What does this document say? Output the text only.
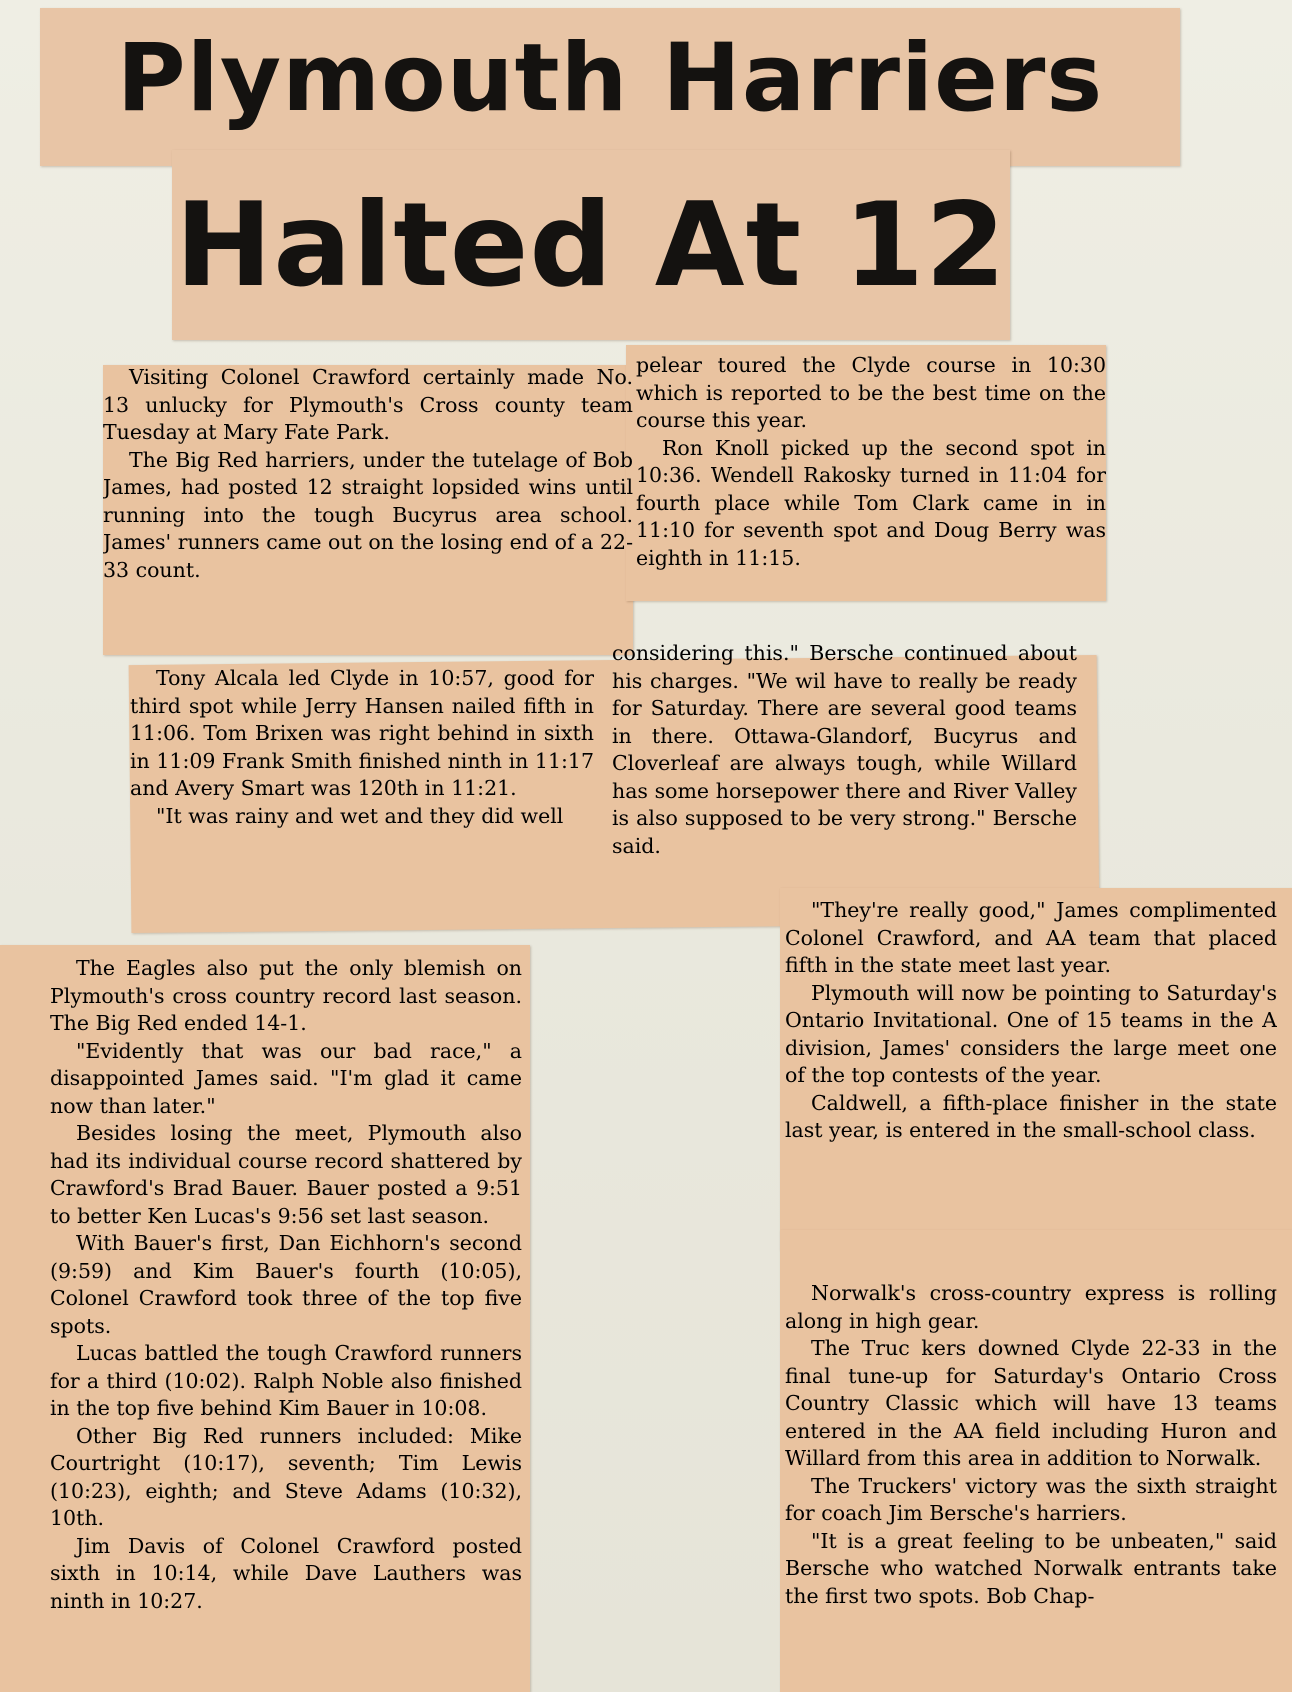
Plymouth Harriers
Halted At 12

Visiting Colonel Crawford certainly made No. 13 unlucky for Plymouth's Cross county team Tuesday at Mary Fate Park.

The Big Red harriers, under the tutelage of Bob James, had posted 12 straight lopsided wins until running into the tough Bucyrus area school. James' runners came out on the losing end of a 22-33 count.

pelear toured the Clyde course in 10:30 which is reported to be the best time on the course this year.

Ron Knoll picked up the second spot in 10:36. Wendell Rakosky turned in 11:04 for fourth place while Tom Clark came in in 11:10 for seventh spot and Doug Berry was eighth in 11:15.

Tony Alcala led Clyde in 10:57, good for third spot while Jerry Hansen nailed fifth in 11:06. Tom Brixen was right behind in sixth in 11:09 Frank Smith finished ninth in 11:17 and Avery Smart was 120th in 11:21.

"It was rainy and wet and they did well

considering this." Bersche continued about his charges. "We wil have to really be ready for Saturday. There are several good teams in there. Ottawa-Glandorf, Bucyrus and Cloverleaf are always tough, while Willard has some horsepower there and River Valley is also supposed to be very strong." Bersche said.

The Eagles also put the only blemish on Plymouth's cross country record last season. The Big Red ended 14-1.

"Evidently that was our bad race," a disappointed James said. "I'm glad it came now than later."

Besides losing the meet, Plymouth also had its individual course record shattered by Crawford's Brad Bauer. Bauer posted a 9:51 to better Ken Lucas's 9:56 set last season.

With Bauer's first, Dan Eichhorn's second (9:59) and Kim Bauer's fourth (10:05), Colonel Crawford took three of the top five spots.

Lucas battled the tough Crawford runners for a third (10:02). Ralph Noble also finished in the top five behind Kim Bauer in 10:08.

Other Big Red runners included: Mike Courtright (10:17), seventh; Tim Lewis (10:23), eighth; and Steve Adams (10:32), 10th.

Jim Davis of Colonel Crawford posted sixth in 10:14, while Dave Lauthers was ninth in 10:27.

"They're really good," James complimented Colonel Crawford, and AA team that placed fifth in the state meet last year.

Plymouth will now be pointing to Saturday's Ontario Invitational. One of 15 teams in the A division, James' considers the large meet one of the top contests of the year.

Caldwell, a fifth-place finisher in the state last year, is entered in the small-school class.

Norwalk's cross-country express is rolling along in high gear.

The Truc kers downed Clyde 22-33 in the final tune-up for Saturday's Ontario Cross Country Classic which will have 13 teams entered in the AA field including Huron and Willard from this area in addition to Norwalk.

The Truckers' victory was the sixth straight for coach Jim Bersche's harriers.

"It is a great feeling to be unbeaten," said Bersche who watched Norwalk entrants take the first two spots. Bob Chap-
